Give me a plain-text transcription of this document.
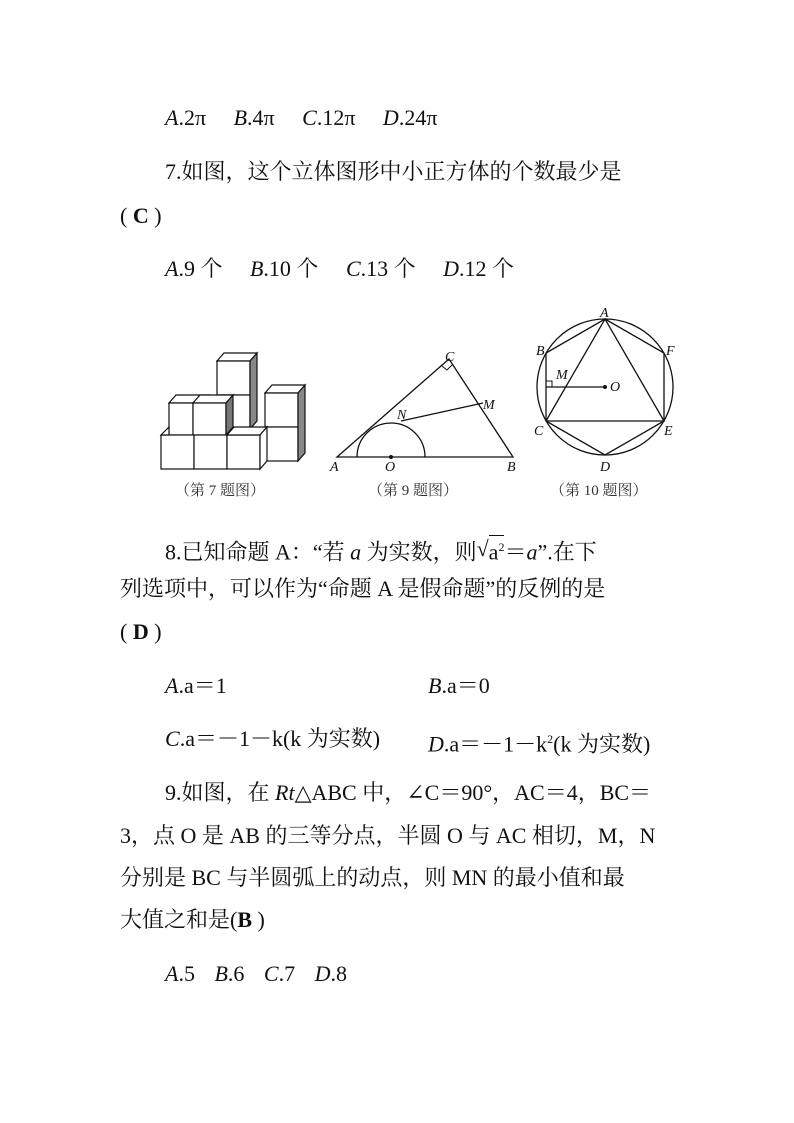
A.2π B.4π C.12π D.24π
7.如图，这个立体图形中小正方体的个数最少是
( C )
A.9 个 B.10 个 C.13 个 D.12 个
（第 7 题图）
A	O	B
C
N
M
（第 9 题图）
A
B	F
M
O
C	E
D
（第 10 题图）
8.已知命题 A：“若 a 为实数，则 √ $a^2=a$”.在下
列选项中，可以作为“命题 A 是假命题”的反例的是
( D )
A.a＝1	B.a＝0
C.a＝－1－k(k 为实数) $D.a=-1-k^2(k$ 为实数)
9.如图，在 Rt△ABC 中，∠C＝90°，AC＝4，BC＝
3，点 O 是 AB 的三等分点，半圆 O 与 AC 相切，M，N
分别是 BC 与半圆弧上的动点，则 MN 的最小值和最
大值之和是(B )
A.5 B.6 C.7 D.8
